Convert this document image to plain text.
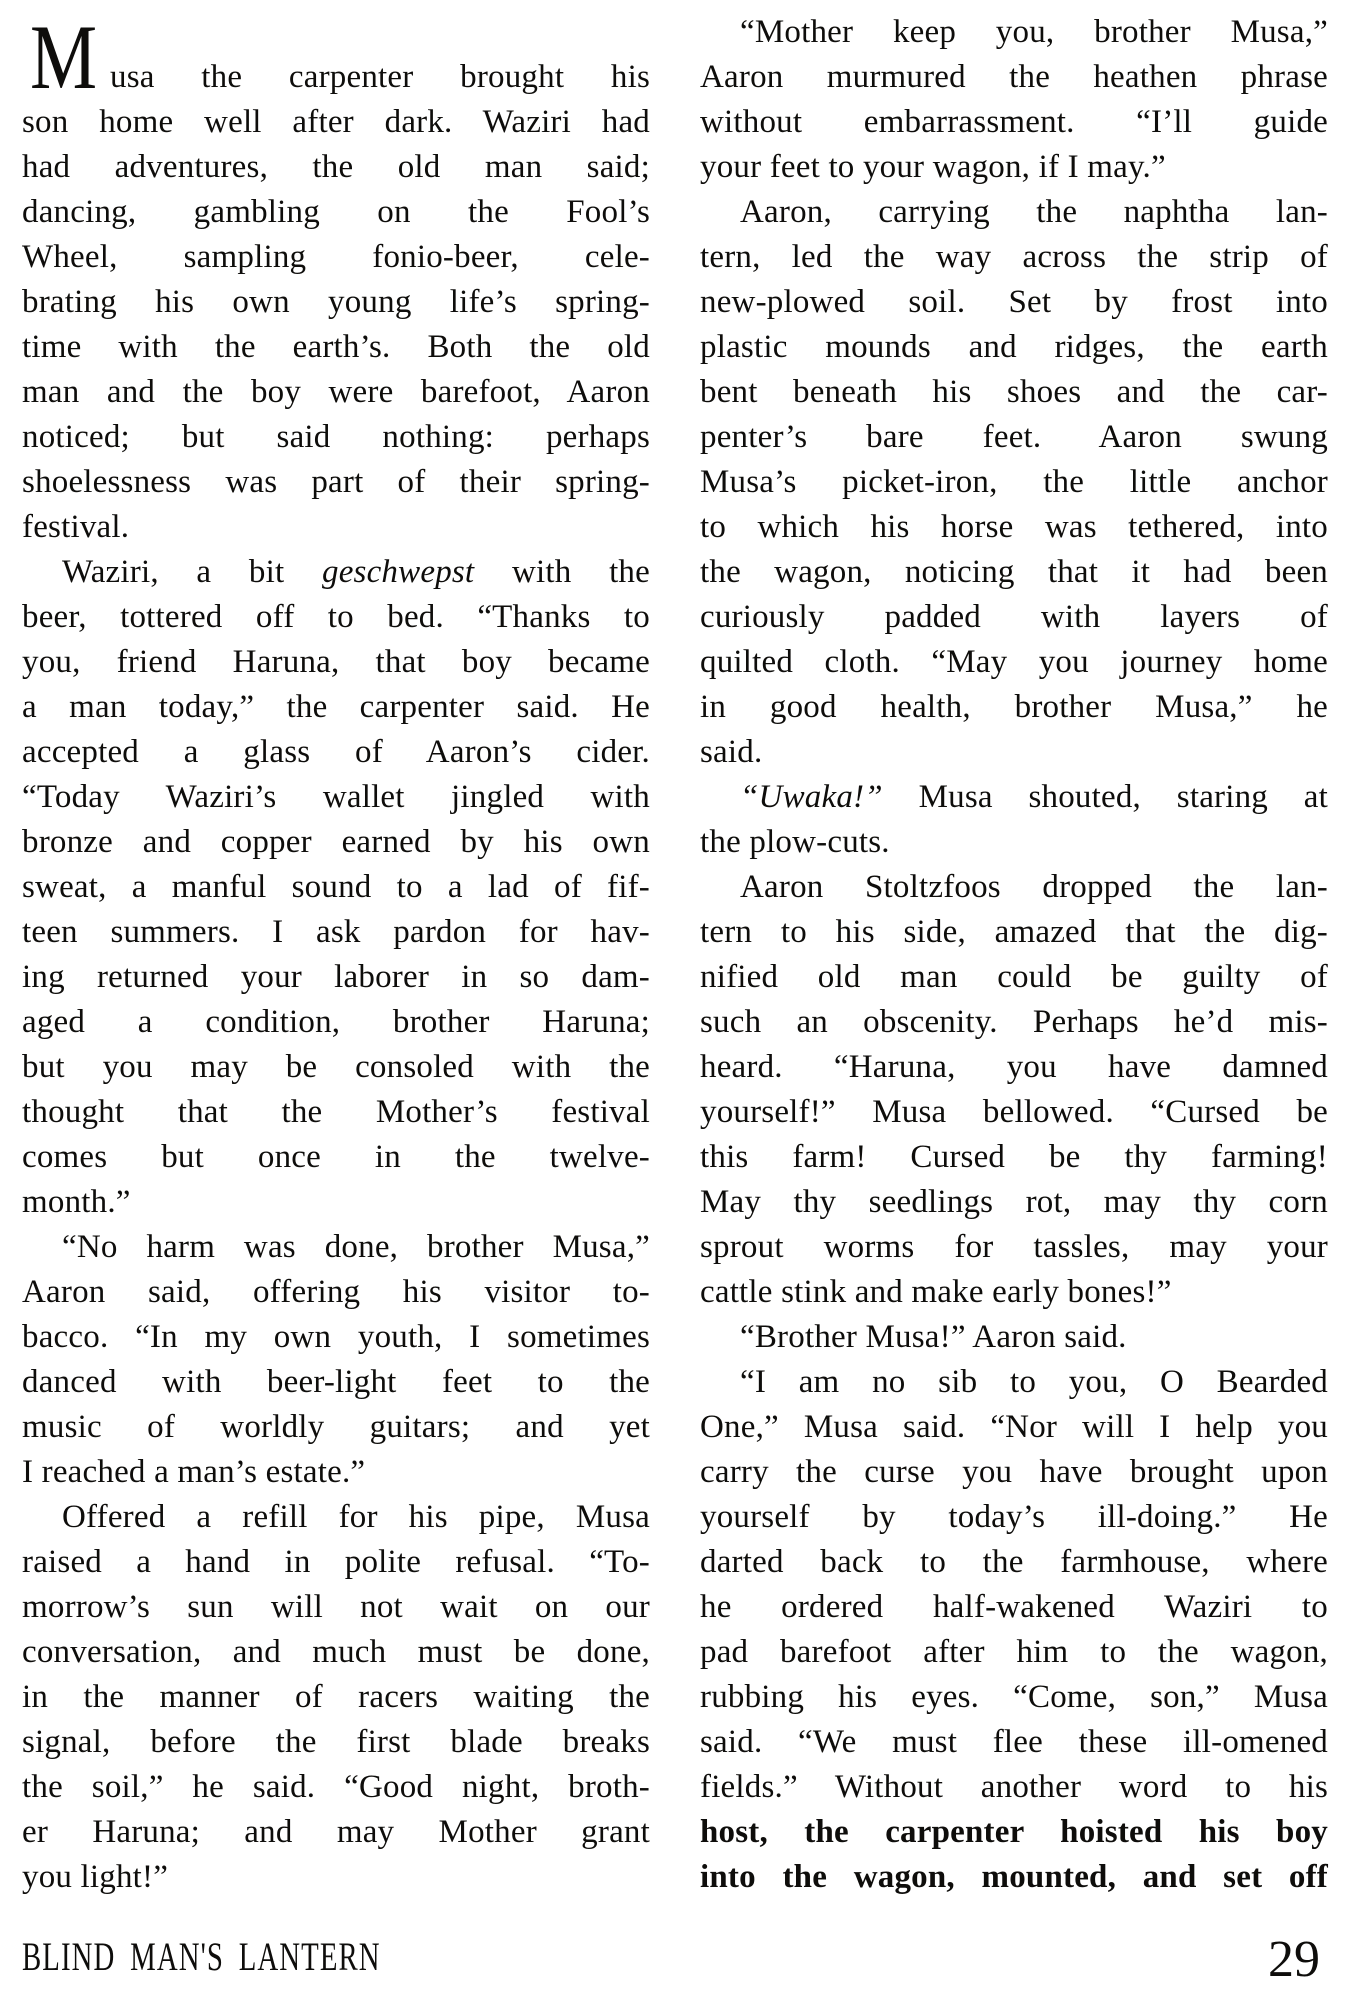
M usa the carpenter brought his
son home well after dark. Waziri had
had adventures, the old man said;
dancing, gambling on the Fool’s
Wheel, sampling fonio-beer, cele-
brating his own young life’s spring-
time with the earth’s. Both the old
man and the boy were barefoot, Aaron
noticed; but said nothing: perhaps
shoelessness was part of their spring-
festival.
Waziri, a bit geschwepst with the
beer, tottered off to bed. “Thanks to
you, friend Haruna, that boy became
a man today,” the carpenter said. He
accepted a glass of Aaron’s cider.
“Today Waziri’s wallet jingled with
bronze and copper earned by his own
sweat, a manful sound to a lad of fif-
teen summers. I ask pardon for hav-
ing returned your laborer in so dam-
aged a condition, brother Haruna;
but you may be consoled with the
thought that the Mother’s festival
comes but once in the twelve-
month.”
“No harm was done, brother Musa,”
Aaron said, offering his visitor to-
bacco. “In my own youth, I sometimes
danced with beer-light feet to the
music of worldly guitars; and yet
I reached a man’s estate.”
Offered a refill for his pipe, Musa
raised a hand in polite refusal. “To-
morrow’s sun will not wait on our
conversation, and much must be done,
in the manner of racers waiting the
signal, before the first blade breaks
the soil,” he said. “Good night, broth-
er Haruna; and may Mother grant
you light!”
“Mother keep you, brother Musa,”
Aaron murmured the heathen phrase
without embarrassment. “I’ll guide
your feet to your wagon, if I may.”
Aaron, carrying the naphtha lan-
tern, led the way across the strip of
new-plowed soil. Set by frost into
plastic mounds and ridges, the earth
bent beneath his shoes and the car-
penter’s bare feet. Aaron swung
Musa’s picket-iron, the little anchor
to which his horse was tethered, into
the wagon, noticing that it had been
curiously padded with layers of
quilted cloth. “May you journey home
in good health, brother Musa,” he
said.
“Uwaka!” Musa shouted, staring at
the plow-cuts.
Aaron Stoltzfoos dropped the lan-
tern to his side, amazed that the dig-
nified old man could be guilty of
such an obscenity. Perhaps he’d mis-
heard. “Haruna, you have damned
yourself!” Musa bellowed. “Cursed be
this farm! Cursed be thy farming!
May thy seedlings rot, may thy corn
sprout worms for tassles, may your
cattle stink and make early bones!”
“Brother Musa!” Aaron said.
“I am no sib to you, O Bearded
One,” Musa said. “Nor will I help you
carry the curse you have brought upon
yourself by today’s ill-doing.” He
darted back to the farmhouse, where
he ordered half-wakened Waziri to
pad barefoot after him to the wagon,
rubbing his eyes. “Come, son,” Musa
said. “We must flee these ill-omened
fields.” Without another word to his
host, the carpenter hoisted his boy
into the wagon, mounted, and set off
BLIND MAN'S LANTERN	29
